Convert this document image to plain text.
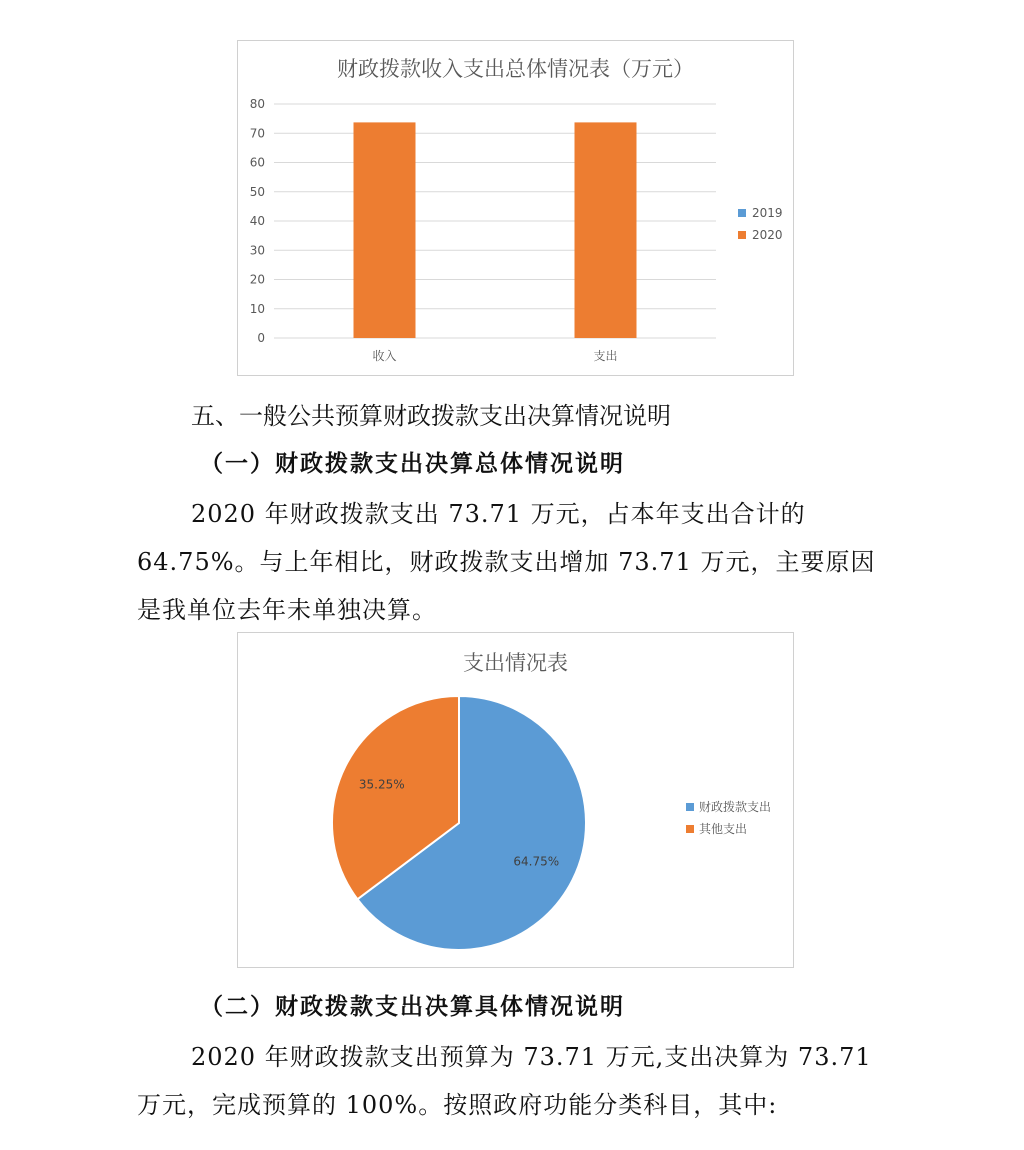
财政拨款收入支出总体情况表（万元）
0
10
20
30
40
50
60
70
80
收入	支出
2019
2020
五、一般公共预算财政拨款支出决算情况说明
（一）财政拨款支出决算总体情况说明
2020 年财政拨款支出 73.71 万元，占本年支出合计的
64.75%。与上年相比，财政拨款支出增加 73.71 万元，主要原因
是我单位去年未单独决算。
支出情况表
64.75%
35.25%
财政拨款支出
其他支出
（二）财政拨款支出决算具体情况说明
2020 年财政拨款支出预算为 73.71 万元,支出决算为 73.71
万元，完成预算的 100%。按照政府功能分类科目，其中:
